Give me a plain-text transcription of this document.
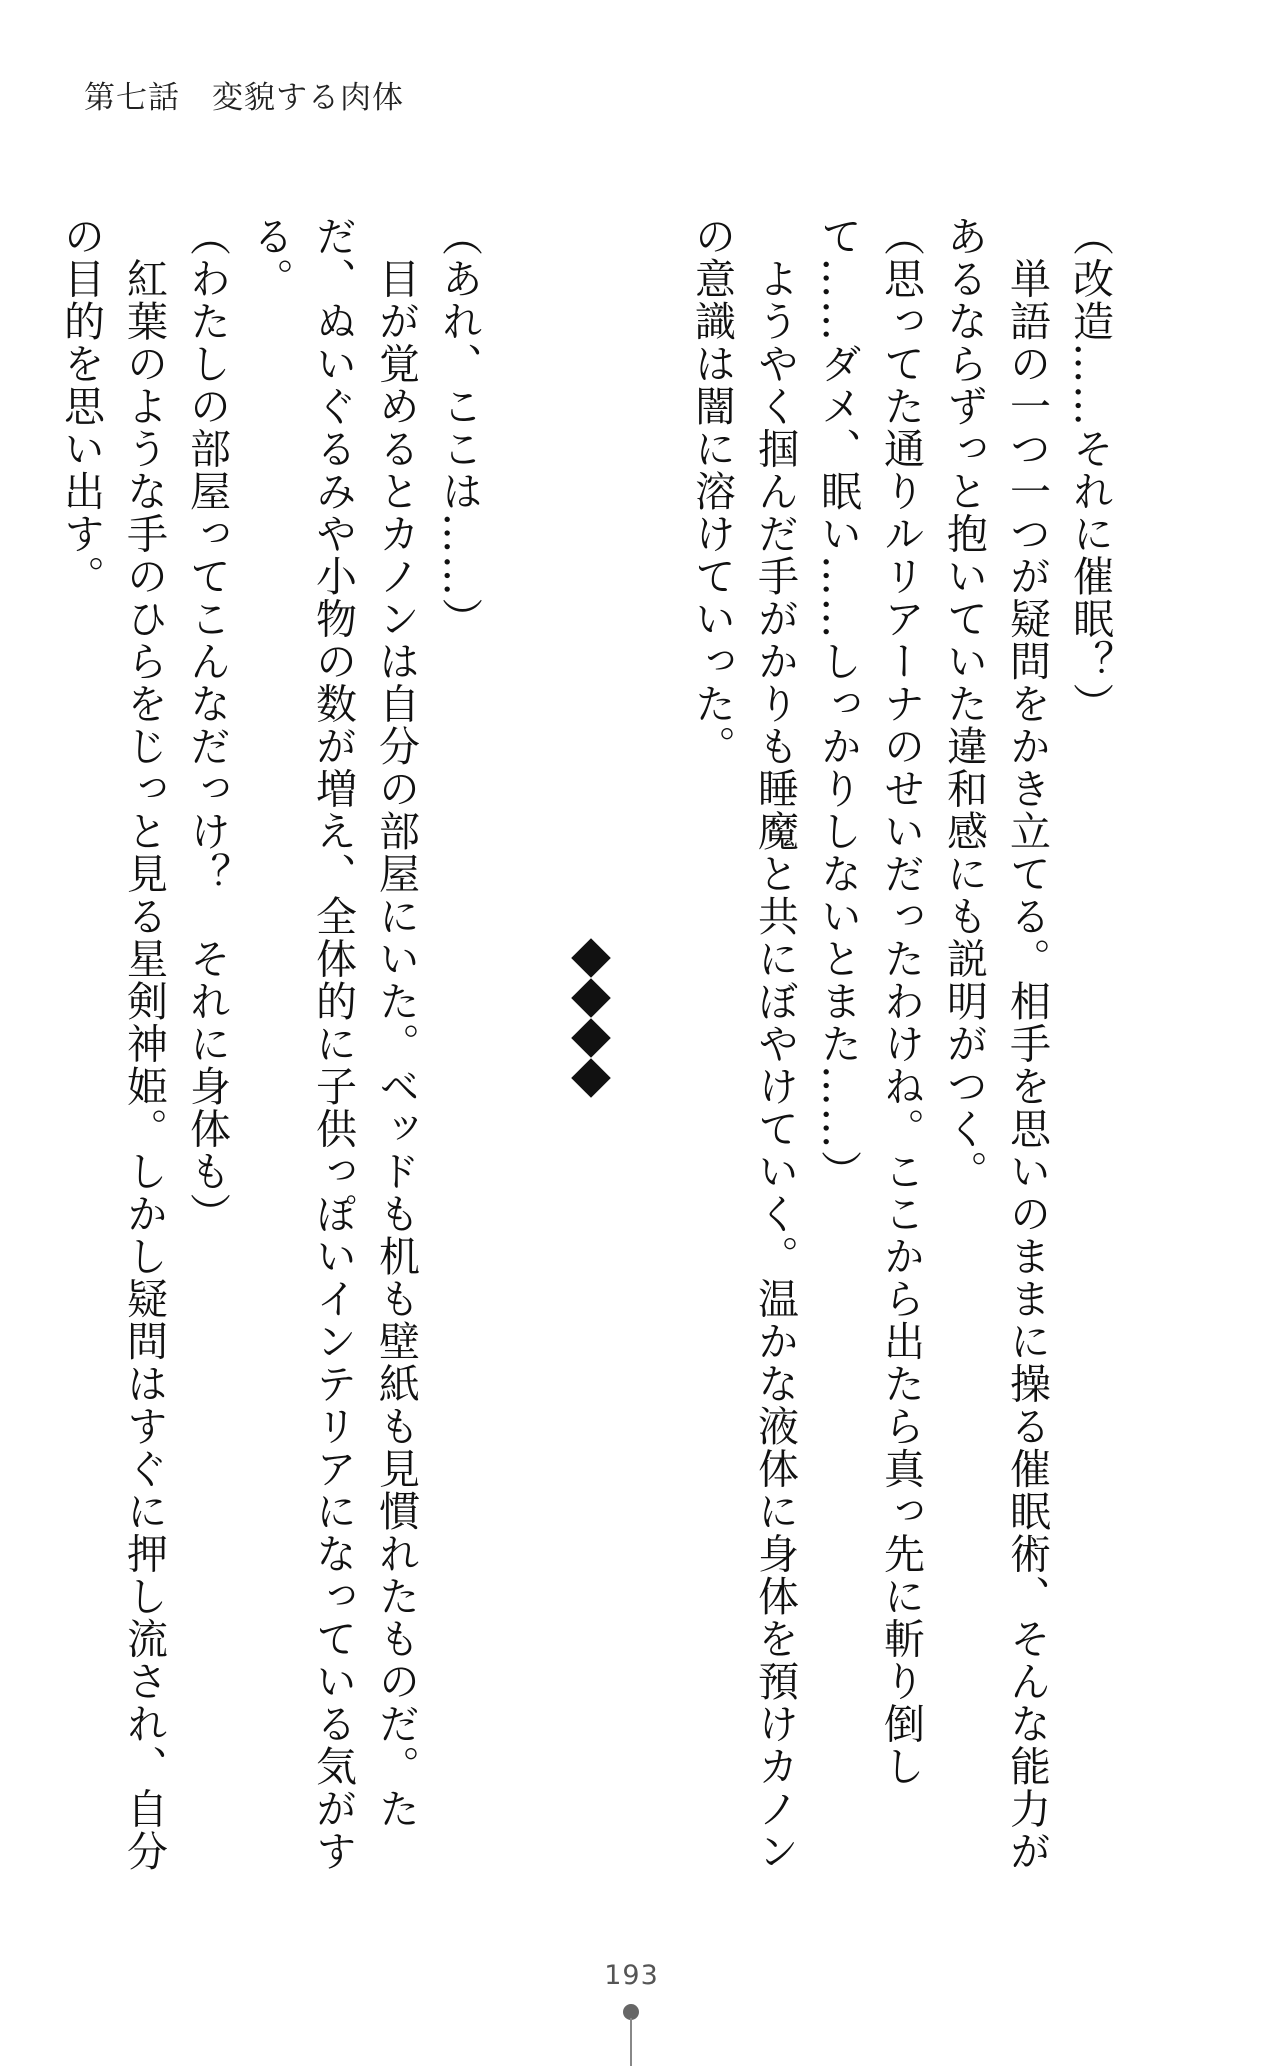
第七話　変貌する肉体

（改造……それに催眠？）

　単語の一つ一つが疑問をかき立てる。相手を思いのままに操る催眠術、そんな能力があるならずっと抱いていた違和感にも説明がつく。

（思ってた通りルリアーナのせいだったわけね。ここから出たら真っ先に斬り倒して……ダメ、眠い……しっかりしないとまた……）

　ようやく掴んだ手がかりも睡魔と共にぼやけていく。温かな液体に身体を預けカノンの意識は闇に溶けていった。

（あれ、ここは……）

　目が覚めるとカノンは自分の部屋にいた。ベッドも机も壁紙も見慣れたものだ。ただ、ぬいぐるみや小物の数が増え、全体的に子供っぽいインテリアになっている気がする。

（わたしの部屋ってこんなだっけ？　それに身体も）

　紅葉のような手のひらをじっと見る星剣神姫。しかし疑問はすぐに押し流され、自分の目的を思い出す。

193
